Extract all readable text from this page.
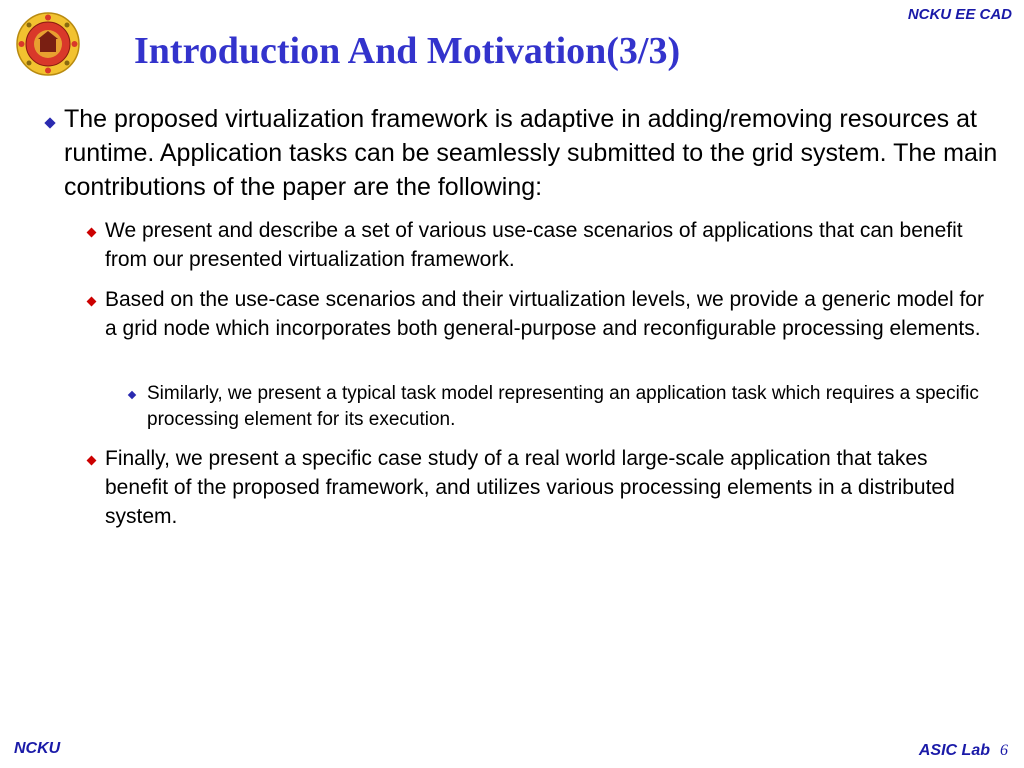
NCKU EE CAD
Introduction And Motivation(3/3)
The proposed virtualization framework is adaptive in adding/removing resources at runtime. Application tasks can be seamlessly submitted to the grid system. The main contributions of the paper are the following:
We present and describe a set of various use-case scenarios of applications that can benefit from our presented virtualization framework.
Based on the use-case scenarios and their virtualization levels, we provide a generic model for a grid node which incorporates both general-purpose and reconfigurable processing elements.
Similarly, we present a typical task model representing an application task which requires a specific processing element for its execution.
Finally, we present a specific case study of a real world large-scale application that takes benefit of the proposed framework, and utilizes various processing elements in a distributed system.
NCKU	ASIC Lab 6
